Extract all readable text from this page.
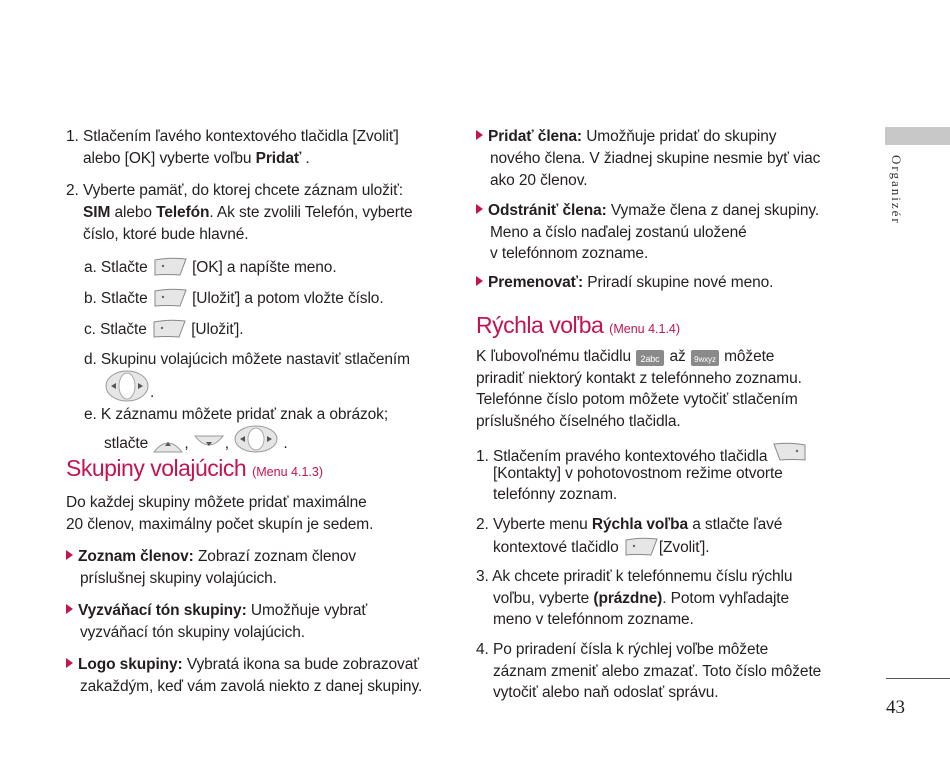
1. Stlačením ľavého kontextového tlačidla [Zvoliť]
alebo [OK] vyberte voľbu Pridať .
2. Vyberte pamäť, do ktorej chcete záznam uložiť:
SIM alebo Telefón. Ak ste zvolili Telefón, vyberte
číslo, ktoré bude hlavné.
a. Stlačte	[OK] a napíšte meno.
b. Stlačte	[Uložiť] a potom vložte číslo.
c. Stlačte	[Uložiť].
d. Skupinu volajúcich môžete nastaviť stlačením
.
e. K záznamu môžete pridať znak a obrázok;
stlačte , ,	.
Skupiny volajúcich (Menu 4.1.3)
Do každej skupiny môžete pridať maximálne
20 členov, maximálny počet skupín je sedem.
Zoznam členov: Zobrazí zoznam členov
príslušnej skupiny volajúcich.
Vyzváňací tón skupiny: Umožňuje vybrať
vyzváňací tón skupiny volajúcich.
Logo skupiny: Vybratá ikona sa bude zobrazovať
zakaždým, keď vám zavolá niekto z danej skupiny.
Pridať člena: Umožňuje pridať do skupiny
nového člena. V žiadnej skupine nesmie byť viac
ako 20 členov.
Odstrániť člena: Vymaže člena z danej skupiny.
Meno a číslo naďalej zostanú uložené
v telefónnom zozname.
Premenovať: Priradí skupine nové meno.
Rýchla voľba (Menu 4.1.4)
K ľubovoľnému tlačidlu 2abc až 9wxyz môžete
priradiť niektorý kontakt z telefónneho zoznamu.
Telefónne číslo potom môžete vytočiť stlačením
príslušného číselného tlačidla.
1. Stlačením pravého kontextového tlačidla
[Kontakty] v pohotovostnom režime otvorte
telefónny zoznam.
2. Vyberte menu Rýchla voľba a stlačte ľavé
kontextové tlačidlo	[Zvoliť].
3. Ak chcete priradiť k telefónnemu číslu rýchlu
voľbu, vyberte (prázdne). Potom vyhľadajte
meno v telefónnom zozname.
4. Po priradení čísla k rýchlej voľbe môžete
záznam zmeniť alebo zmazať. Toto číslo môžete
vytočiť alebo naň odoslať správu.
Organizér
43
